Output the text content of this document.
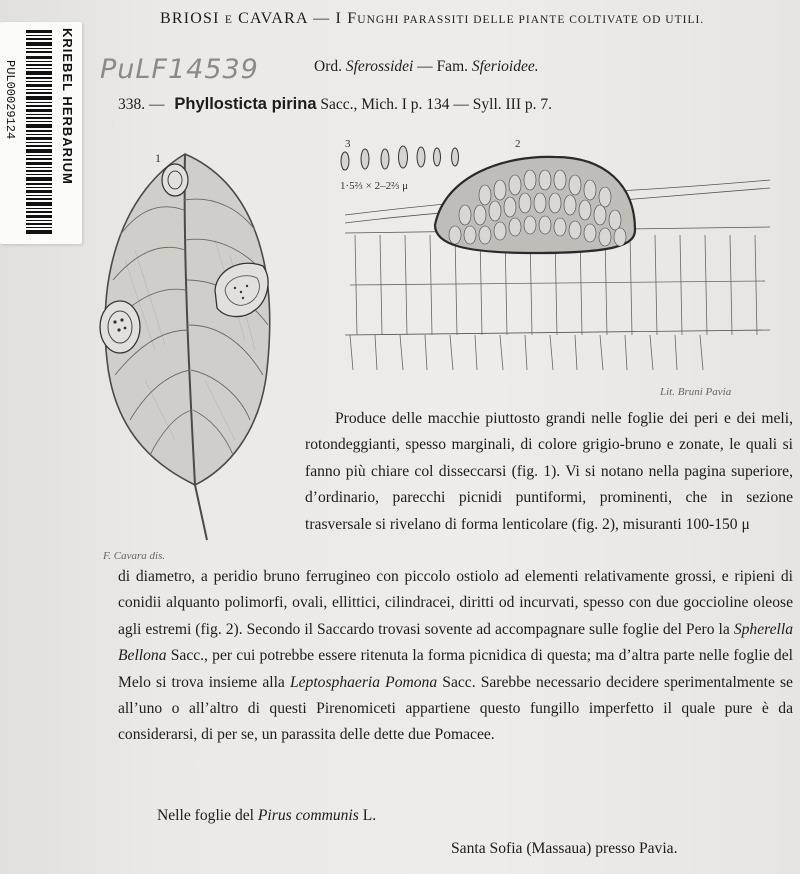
KRIEBEL HERBARIUM
PUL00029124	PuLF14539
BRIOSI E CAVARA — I FUNGHI PARASSITI DELLE PIANTE COLTIVATE OD UTILI.
Ord. Sferossidei — Fam. Sferioidee.
338. — Phyllosticta pirina Sacc., Mich. I p. 134 — Syll. III p. 7.
1
F. Cavara dis.
3
1·5⅔ × 2–2⅔ μ
2
Lit. Bruni Pavia
Produce delle macchie piuttosto grandi nelle foglie dei peri e dei meli, rotondeggianti, spesso marginali, di colore grigio-bruno e zonate, le quali si fanno più chiare col disseccarsi (fig. 1). Vi si notano nella pagina superiore, d’ordinario, parecchi picnidi puntiformi, prominenti, che in sezione trasversale si rivelano di forma lenticolare (fig. 2), misuranti 100-150 μ
di diametro, a peridio bruno ferrugineo con piccolo ostiolo ad elementi relativamente grossi, e ripieni di conidii alquanto polimorfi, ovali, ellittici, cilindracei, diritti od incurvati, spesso con due goccioline oleose agli estremi (fig. 2). Secondo il Saccardo trovasi sovente ad accompagnare sulle foglie del Pero la Spherella Bellona Sacc., per cui potrebbe essere ritenuta la forma picnidica di questa; ma d’altra parte nelle foglie del Melo si trova insieme alla Leptosphaeria Pomona Sacc. Sarebbe necessario decidere sperimentalmente se all’uno o all’altro di questi Pirenomiceti appartiene questo fungillo imperfetto il quale pure è da considerarsi, di per se, un parassita delle dette due Pomacee.
Nelle foglie del Pirus communis L.
Santa Sofia (Massaua) presso Pavia.
